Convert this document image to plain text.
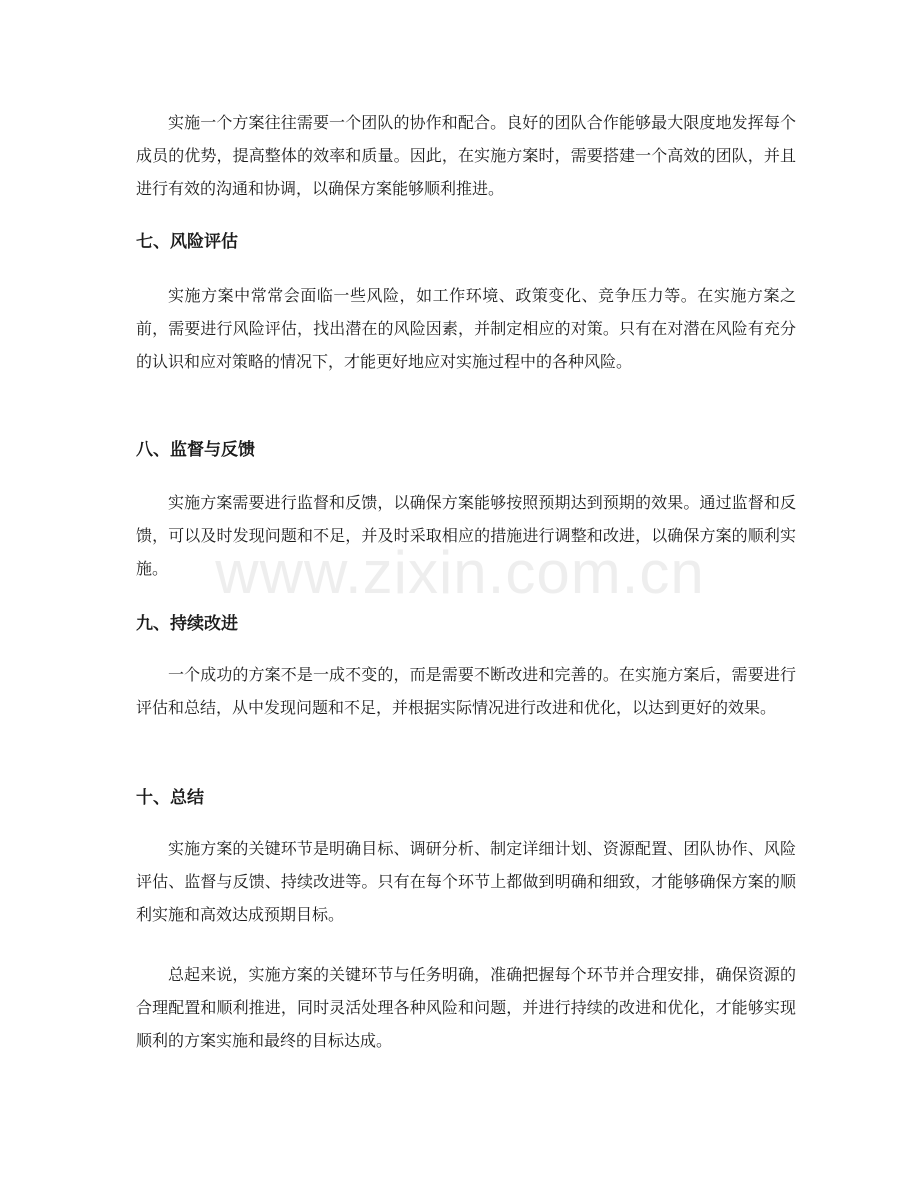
实施一个方案往往需要一个团队的协作和配合。良好的团队合作能够最大限度地发挥每个成员的优势，提高整体的效率和质量。因此，在实施方案时，需要搭建一个高效的团队，并且进行有效的沟通和协调，以确保方案能够顺利推进。

七、风险评估

实施方案中常常会面临一些风险，如工作环境、政策变化、竞争压力等。在实施方案之前，需要进行风险评估，找出潜在的风险因素，并制定相应的对策。只有在对潜在风险有充分的认识和应对策略的情况下，才能更好地应对实施过程中的各种风险。

八、监督与反馈

实施方案需要进行监督和反馈，以确保方案能够按照预期达到预期的效果。通过监督和反馈，可以及时发现问题和不足，并及时采取相应的措施进行调整和改进，以确保方案的顺利实施。

九、持续改进

一个成功的方案不是一成不变的，而是需要不断改进和完善的。在实施方案后，需要进行评估和总结，从中发现问题和不足，并根据实际情况进行改进和优化，以达到更好的效果。

十、总结

实施方案的关键环节是明确目标、调研分析、制定详细计划、资源配置、团队协作、风险评估、监督与反馈、持续改进等。只有在每个环节上都做到明确和细致，才能够确保方案的顺利实施和高效达成预期目标。

总起来说，实施方案的关键环节与任务明确，准确把握每个环节并合理安排，确保资源的合理配置和顺利推进，同时灵活处理各种风险和问题，并进行持续的改进和优化，才能够实现顺利的方案实施和最终的目标达成。

www.zixin.com.cn
